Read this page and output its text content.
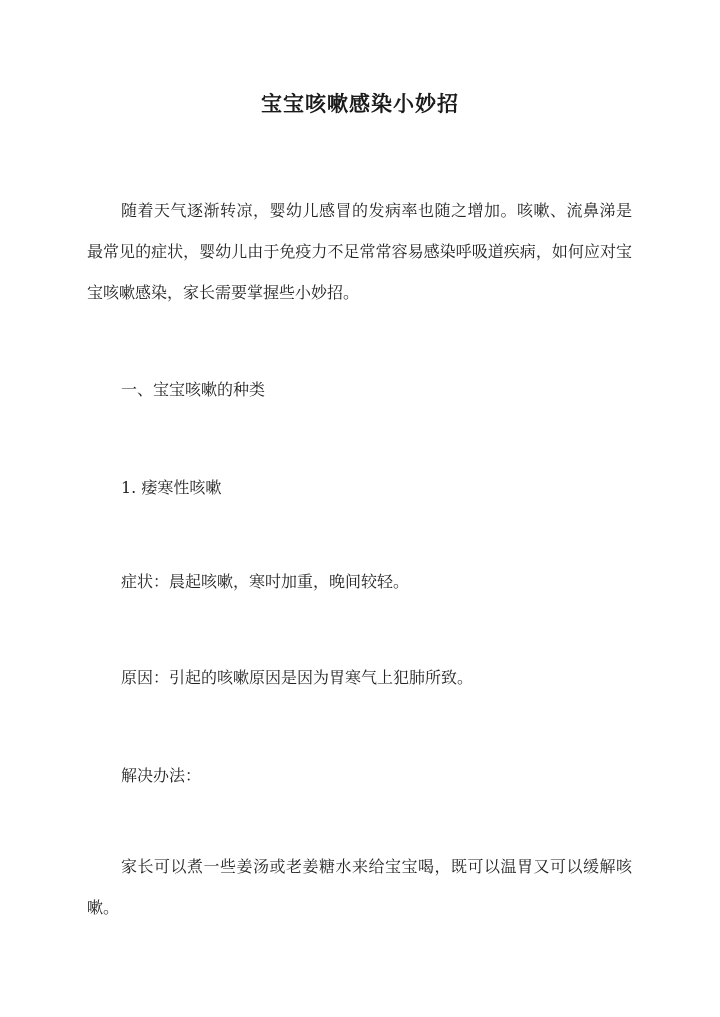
宝宝咳嗽感染小妙招

随着天气逐渐转凉，婴幼儿感冒的发病率也随之增加。咳嗽、流鼻涕是最常见的症状，婴幼儿由于免疫力不足常常容易感染呼吸道疾病，如何应对宝宝咳嗽感染，家长需要掌握些小妙招。

一、宝宝咳嗽的种类
1. 痿寒性咳嗽
症状：晨起咳嗽，寒吋加重，晚间较轻。
原因：引起的咳嗽原因是因为胃寒气上犯肺所致。
解决办法：

家长可以煮一些姜汤或老姜糖水来给宝宝喝，既可以温胃又可以缓解咳嗽。
